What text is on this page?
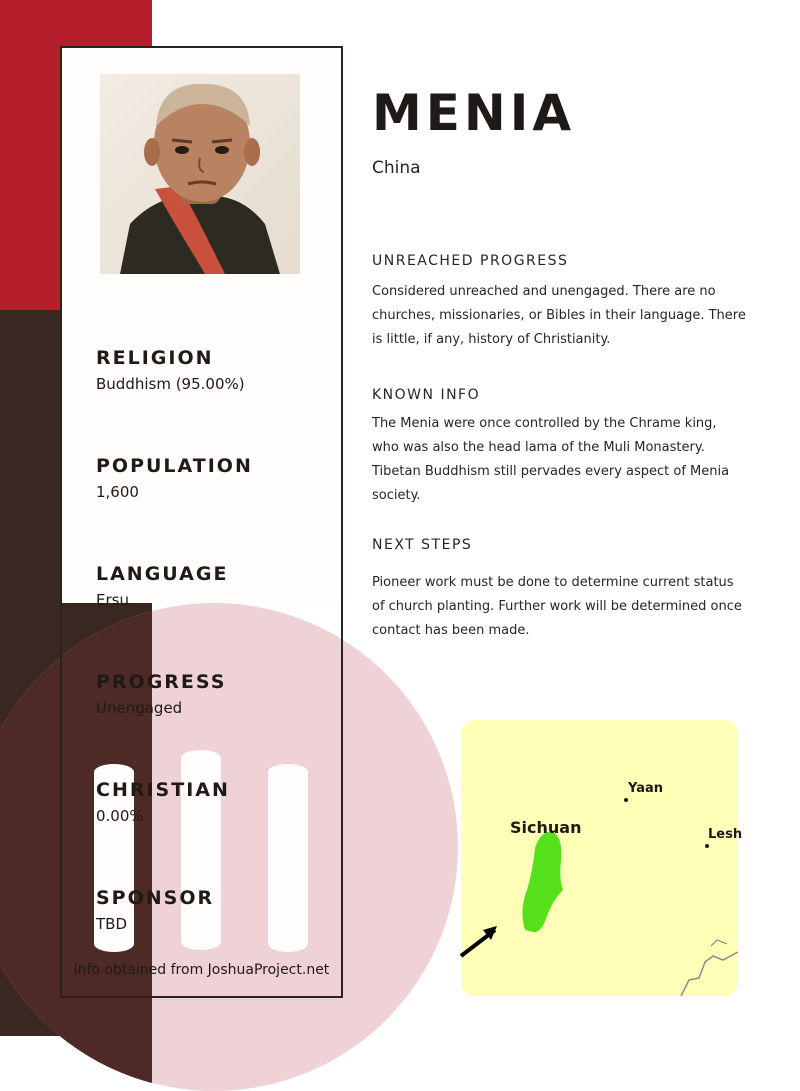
RELIGION
Buddhism (95.00%)
POPULATION
1,600
LANGUAGE
Ersu
PROGRESS
Unengaged
CHRISTIAN
0.00%
SPONSOR
TBD
info obtained from JoshuaProject.net
MENIA
China
UNREACHED PROGRESS
Considered unreached and unengaged. There are no churches, missionaries, or Bibles in their language. There is little, if any, history of Christianity.
KNOWN INFO
The Menia were once controlled by the Chrame king, who was also the head lama of the Muli Monastery. Tibetan Buddhism still pervades every aspect of Menia society.
NEXT STEPS
Pioneer work must be done to determine current status of church planting. Further work will be determined once contact has been made.
Sichuan
Yaan
Lesh
